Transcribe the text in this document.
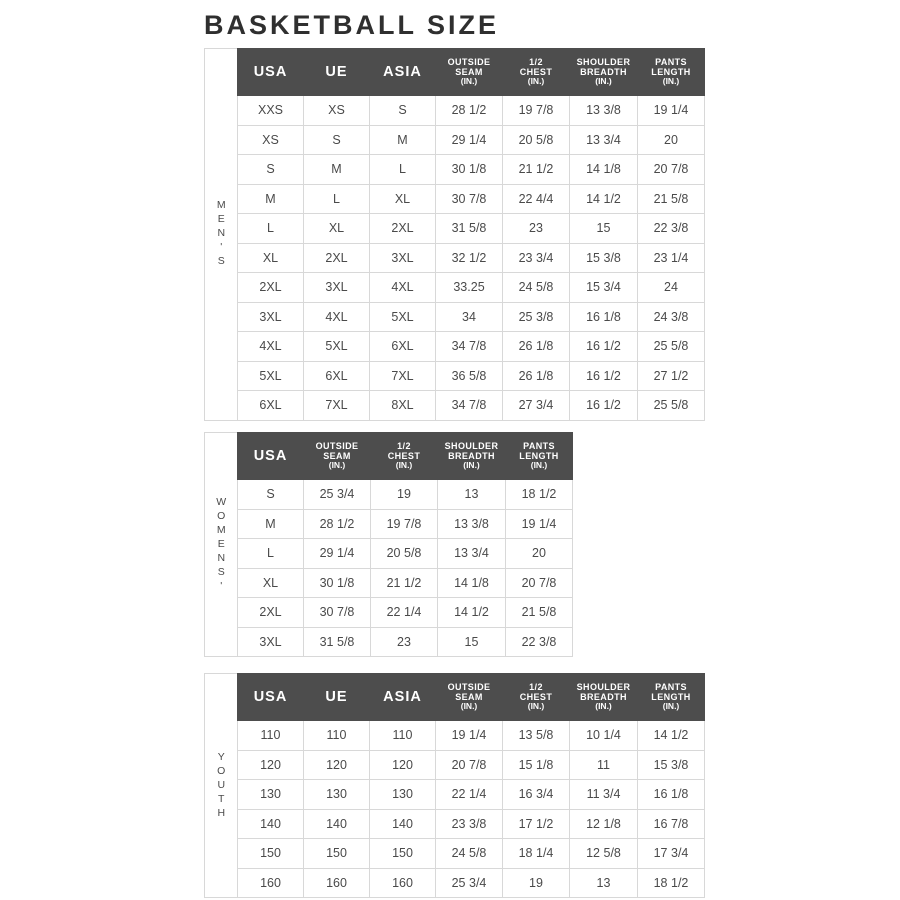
BASKETBALL SIZE
MEN'S
USA	UE	ASIA	OUTSIDE
SEAM
(IN.)	1/2
CHEST
(IN.)	SHOULDER
BREADTH
(IN.)	PANTS
LENGTH
(IN.)

XXS	XS	S	28 1/2	19 7/8	13 3/8	19 1/4
XS	S	M	29 1/4	20 5/8	13 3/4	20
S	M	L	30 1/8	21 1/2	14 1/8	20 7/8
M	L	XL	30 7/8	22 4/4	14 1/2	21 5/8
L	XL	2XL	31 5/8	23	15	22 3/8
XL	2XL	3XL	32 1/2	23 3/4	15 3/8	23 1/4
2XL	3XL	4XL	33.25	24 5/8	15 3/4	24
3XL	4XL	5XL	34	25 3/8	16 1/8	24 3/8
4XL	5XL	6XL	34 7/8	26 1/8	16 1/2	25 5/8
5XL	6XL	7XL	36 5/8	26 1/8	16 1/2	27 1/2
6XL	7XL	8XL	34 7/8	27 3/4	16 1/2	25 5/8
WOMENS'
USA	OUTSIDE
SEAM
(IN.)	1/2
CHEST
(IN.)	SHOULDER
BREADTH
(IN.)	PANTS
LENGTH
(IN.)

S	25 3/4	19	13	18 1/2
M	28 1/2	19 7/8	13 3/8	19 1/4
L	29 1/4	20 5/8	13 3/4	20
XL	30 1/8	21 1/2	14 1/8	20 7/8
2XL	30 7/8	22 1/4	14 1/2	21 5/8
3XL	31 5/8	23	15	22 3/8
YOUTH
USA	UE	ASIA	OUTSIDE
SEAM
(IN.)	1/2
CHEST
(IN.)	SHOULDER
BREADTH
(IN.)	PANTS
LENGTH
(IN.)

110	110	110	19 1/4	13 5/8	10 1/4	14 1/2
120	120	120	20 7/8	15 1/8	11	15 3/8
130	130	130	22 1/4	16 3/4	11 3/4	16 1/8
140	140	140	23 3/8	17 1/2	12 1/8	16 7/8
150	150	150	24 5/8	18 1/4	12 5/8	17 3/4
160	160	160	25 3/4	19	13	18 1/2
